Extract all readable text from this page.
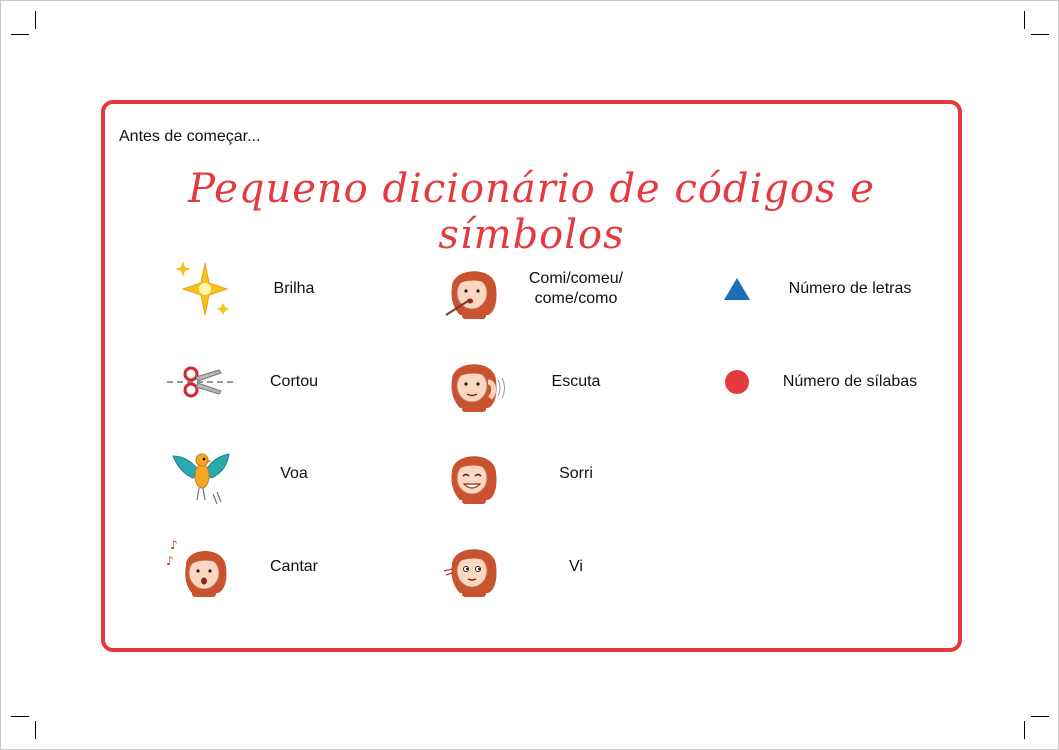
Antes de começar...
Pequeno dicionário de códigos e símbolos
Brilha
Cortou
Voa
♪
♪	Cantar
Comi/comeu/
come/como
Escuta
Sorri
Vi
Número de letras
Número de sílabas
